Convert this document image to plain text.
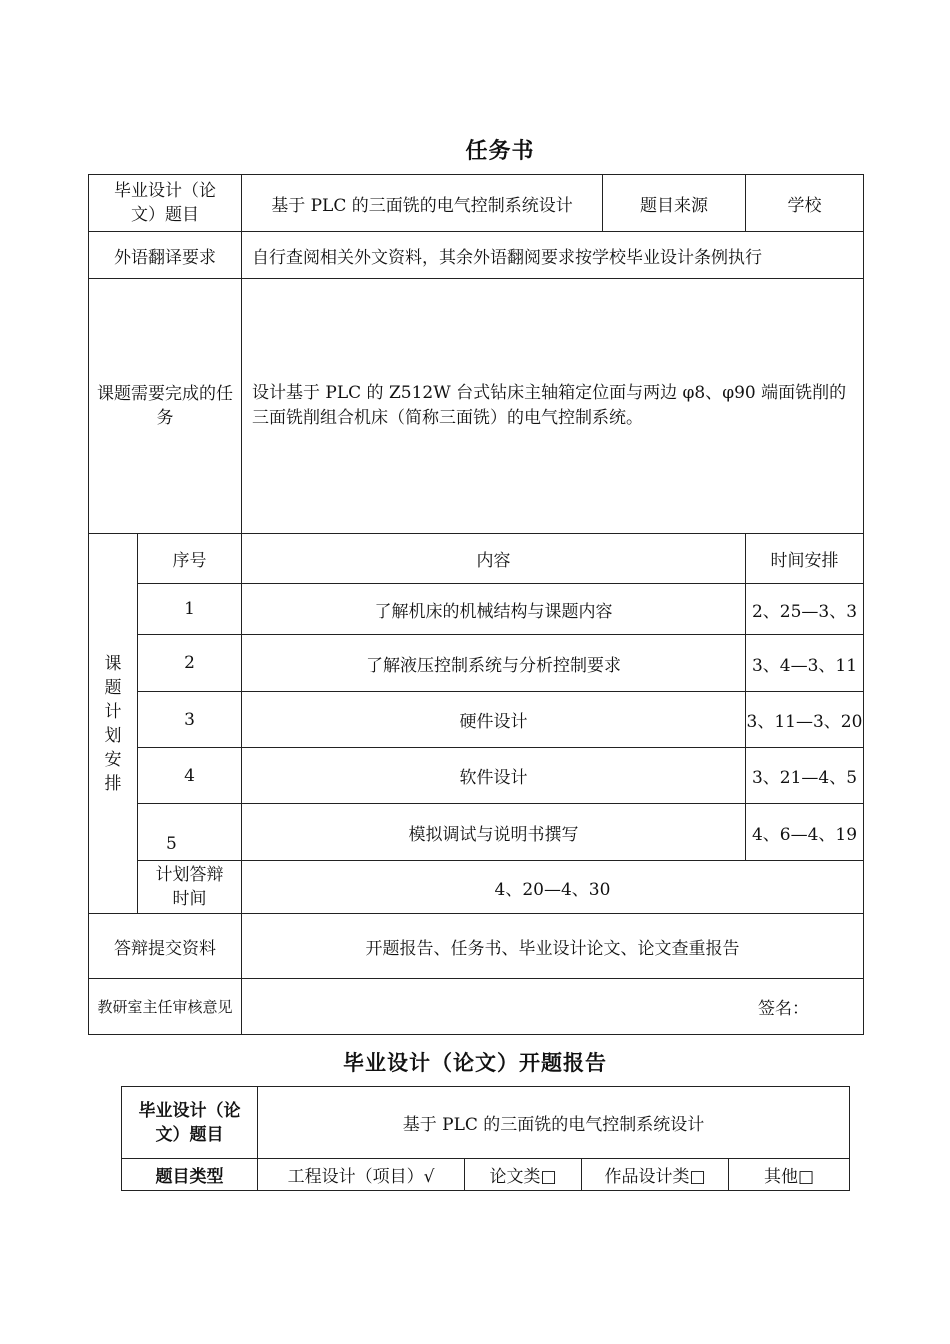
任务书
毕业设计（论文）题目		基于 PLC 的三面铣的电气控制系统设计	题目来源	学校
外语翻译要求		自行查阅相关外文资料，其余外语翻阅要求按学校毕业设计条例执行		
课题需要完成的任务		设计基于 PLC 的 Z512W 台式钻床主轴箱定位面与两边 φ8、φ90 端面铣削的三面铣削组合机床（简称三面铣）的电气控制系统。		
课题计划安排	序号	内容		时间安排
	1	了解机床的机械结构与课题内容		2、25—3、3
	2	了解液压控制系统与分析控制要求		3、4—3、11
	3	硬件设计		3、11—3、20
	4	软件设计		3、21—4、5
	5	模拟调试与说明书撰写		4、6—4、19
	计划答辩时间	4、20—4、30		
答辩提交资料		开题报告、任务书、毕业设计论文、论文查重报告		
教研室主任审核意见		签名：		
毕业设计（论文）开题报告
毕业设计（论文）题目	基于 PLC 的三面铣的电气控制系统设计			
题目类型	工程设计（项目）√	论文类□	作品设计类□	其他□
